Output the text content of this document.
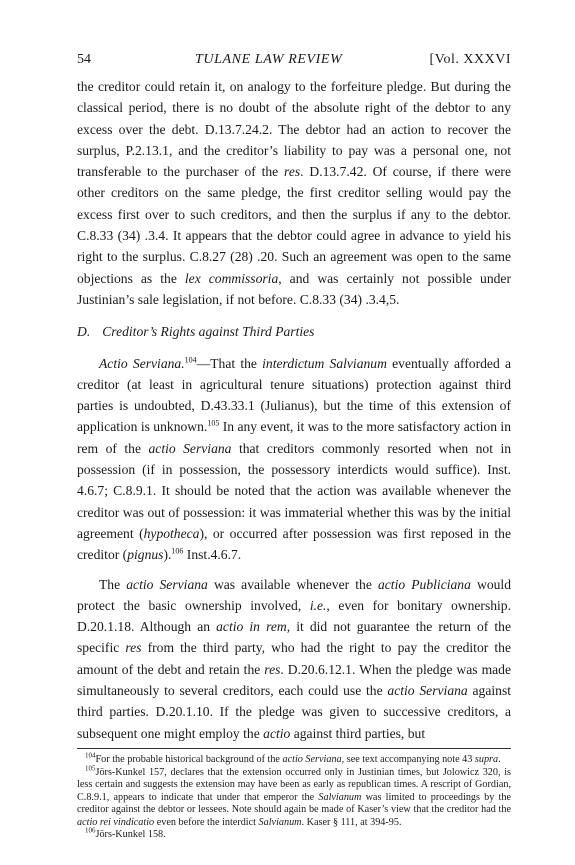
54	TULANE LAW REVIEW	[Vol. XXXVI

the creditor could retain it, on analogy to the forfeiture pledge. But during the classical period, there is no doubt of the absolute right of the debtor to any excess over the debt. D.13.7.24.2. The debtor had an action to recover the surplus, P.2.13.1, and the creditor’s liability to pay was a personal one, not transferable to the purchaser of the res. D.13.7.42. Of course, if there were other creditors on the same pledge, the first creditor selling would pay the excess first over to such creditors, and then the surplus if any to the debtor. C.8.33 (34) .3.4. It appears that the debtor could agree in advance to yield his right to the surplus. C.8.27 (28) .20. Such an agreement was open to the same objections as the lex commissoria, and was certainly not possible under Justinian’s sale legislation, if not before. C.8.33 (34) .3.4,5.

D. Creditor’s Rights against Third Parties

Actio Serviana.$^{104}$—That the interdictum Salvianum eventually afforded a creditor (at least in agricultural tenure situations) protection against third parties is undoubted, D.43.33.1 (Julianus), but the time of this extension of application is unknown.$^{105}$ In any event, it was to the more satisfactory action in rem of the actio Serviana that creditors commonly resorted when not in possession (if in possession, the possessory interdicts would suffice). Inst. 4.6.7; C.8.9.1. It should be noted that the action was available whenever the creditor was out of possession: it was immaterial whether this was by the initial agreement (hypotheca), or occurred after possession was first reposed in the creditor (pignus).$^{106}$ Inst.4.6.7.

The actio Serviana was available whenever the actio Publiciana would protect the basic ownership involved, i.e., even for bonitary ownership. D.20.1.18. Although an actio in rem, it did not guarantee the return of the specific res from the third party, who had the right to pay the creditor the amount of the debt and retain the res. D.20.6.12.1. When the pledge was made simultaneously to several creditors, each could use the actio Serviana against third parties. D.20.1.10. If the pledge was given to successive creditors, a subsequent one might employ the actio against third parties, but

$^{104}$For the probable historical background of the actio Serviana, see text accompanying note 43 supra.

$^{105}$Jörs-Kunkel 157, declares that the extension occurred only in Justinian times, but Jolowicz 320, is less certain and suggests the extension may have been as early as republican times. A rescript of Gordian, C.8.9.1, appears to indicate that under that emperor the Salvianum was limited to proceedings by the creditor against the debtor or lessees. Note should again be made of Kaser’s view that the creditor had the actio rei vindicatio even before the interdict Salvianum. Kaser § 111, at 394-95.

$^{106}$Jörs-Kunkel 158.
